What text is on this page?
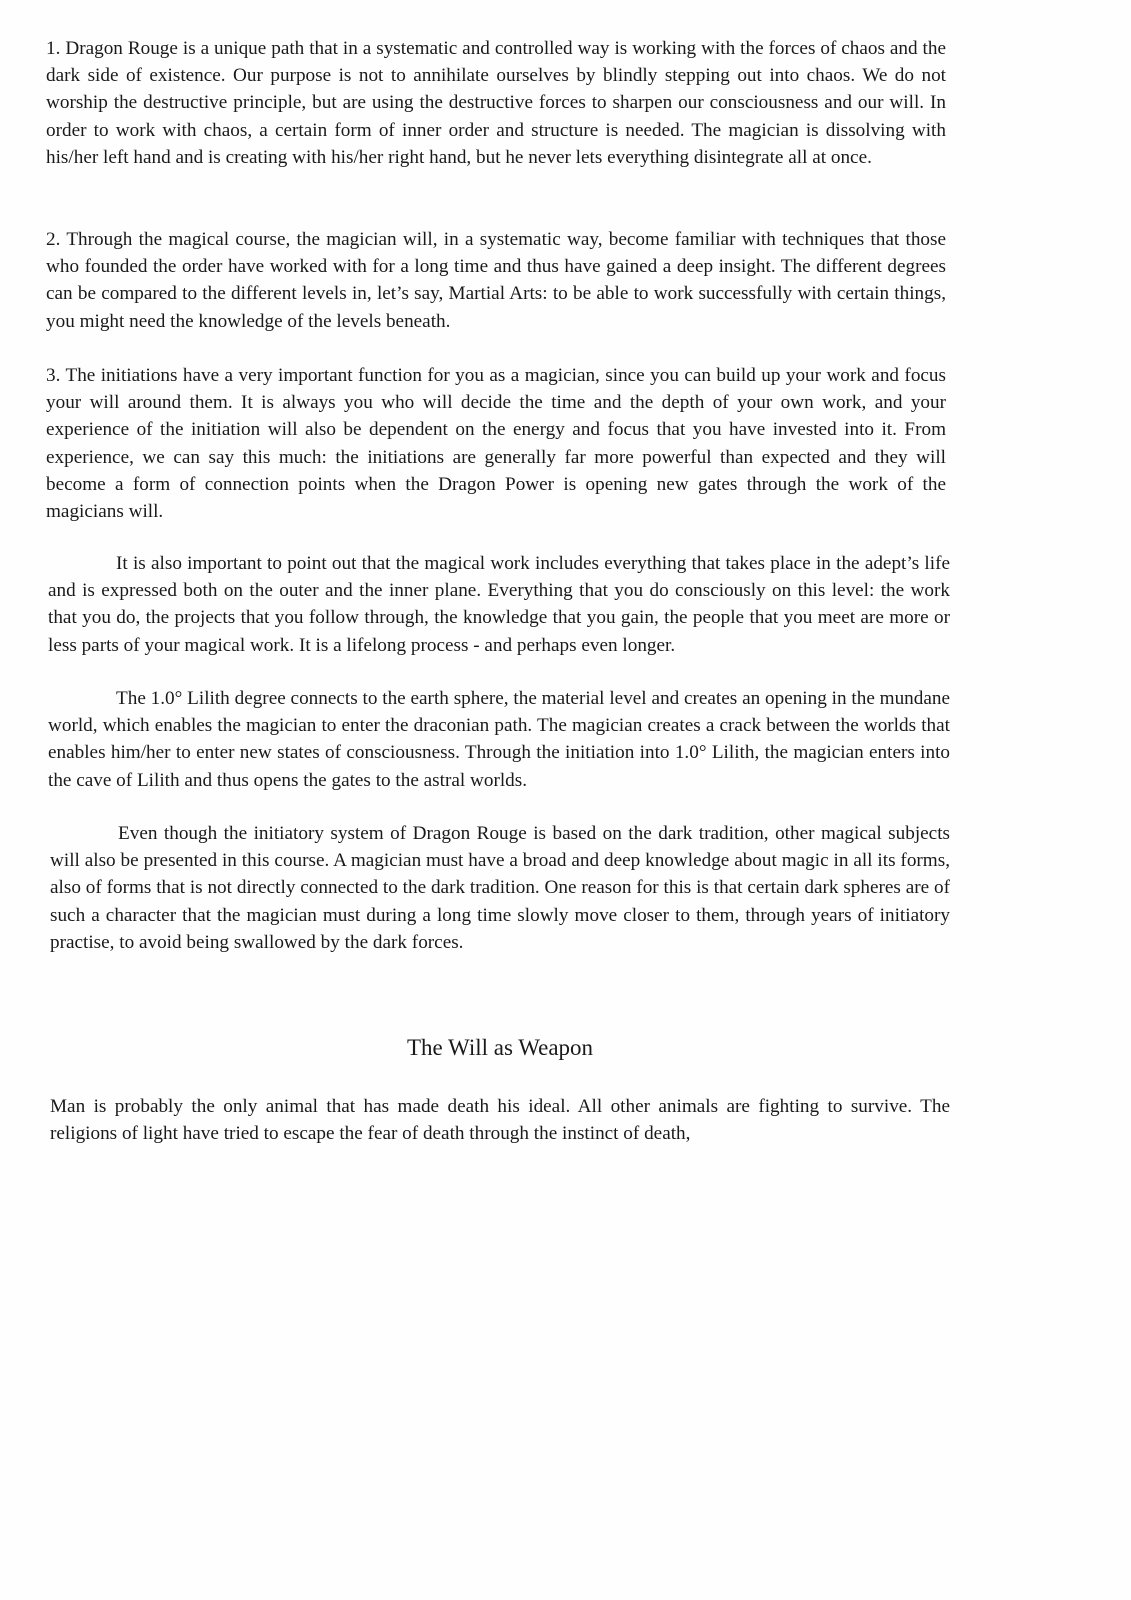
1. Dragon Rouge is a unique path that in a systematic and controlled way is working with the forces of chaos and the dark side of existence. Our purpose is not to annihilate ourselves by blindly stepping out into chaos. We do not worship the destructive principle, but are using the destructive forces to sharpen our consciousness and our will. In order to work with chaos, a certain form of inner order and structure is needed. The magician is dissolving with his/her left hand and is creating with his/her right hand, but he never lets everything disintegrate all at once.

2. Through the magical course, the magician will, in a systematic way, become familiar with techniques that those who founded the order have worked with for a long time and thus have gained a deep insight. The different degrees can be compared to the different levels in, let’s say, Martial Arts: to be able to work successfully with certain things, you might need the knowledge of the levels beneath.

3. The initiations have a very important function for you as a magician, since you can build up your work and focus your will around them. It is always you who will decide the time and the depth of your own work, and your experience of the initiation will also be dependent on the energy and focus that you have invested into it. From experience, we can say this much: the initiations are generally far more powerful than expected and they will become a form of connection points when the Dragon Power is opening new gates through the work of the magicians will.

It is also important to point out that the magical work includes everything that takes place in the adept’s life and is expressed both on the outer and the inner plane. Everything that you do consciously on this level: the work that you do, the projects that you follow through, the knowledge that you gain, the people that you meet are more or less parts of your magical work. It is a lifelong process - and perhaps even longer.

The 1.0° Lilith degree connects to the earth sphere, the material level and creates an opening in the mundane world, which enables the magician to enter the draconian path. The magician creates a crack between the worlds that enables him/her to enter new states of consciousness. Through the initiation into 1.0° Lilith, the magician enters into the cave of Lilith and thus opens the gates to the astral worlds.

Even though the initiatory system of Dragon Rouge is based on the dark tradition, other magical subjects will also be presented in this course. A magician must have a broad and deep knowledge about magic in all its forms, also of forms that is not directly connected to the dark tradition. One reason for this is that certain dark spheres are of such a character that the magician must during a long time slowly move closer to them, through years of initiatory practise, to avoid being swallowed by the dark forces.

The Will as Weapon

Man is probably the only animal that has made death his ideal. All other animals are fighting to survive. The religions of light have tried to escape the fear of death through the instinct of death,
